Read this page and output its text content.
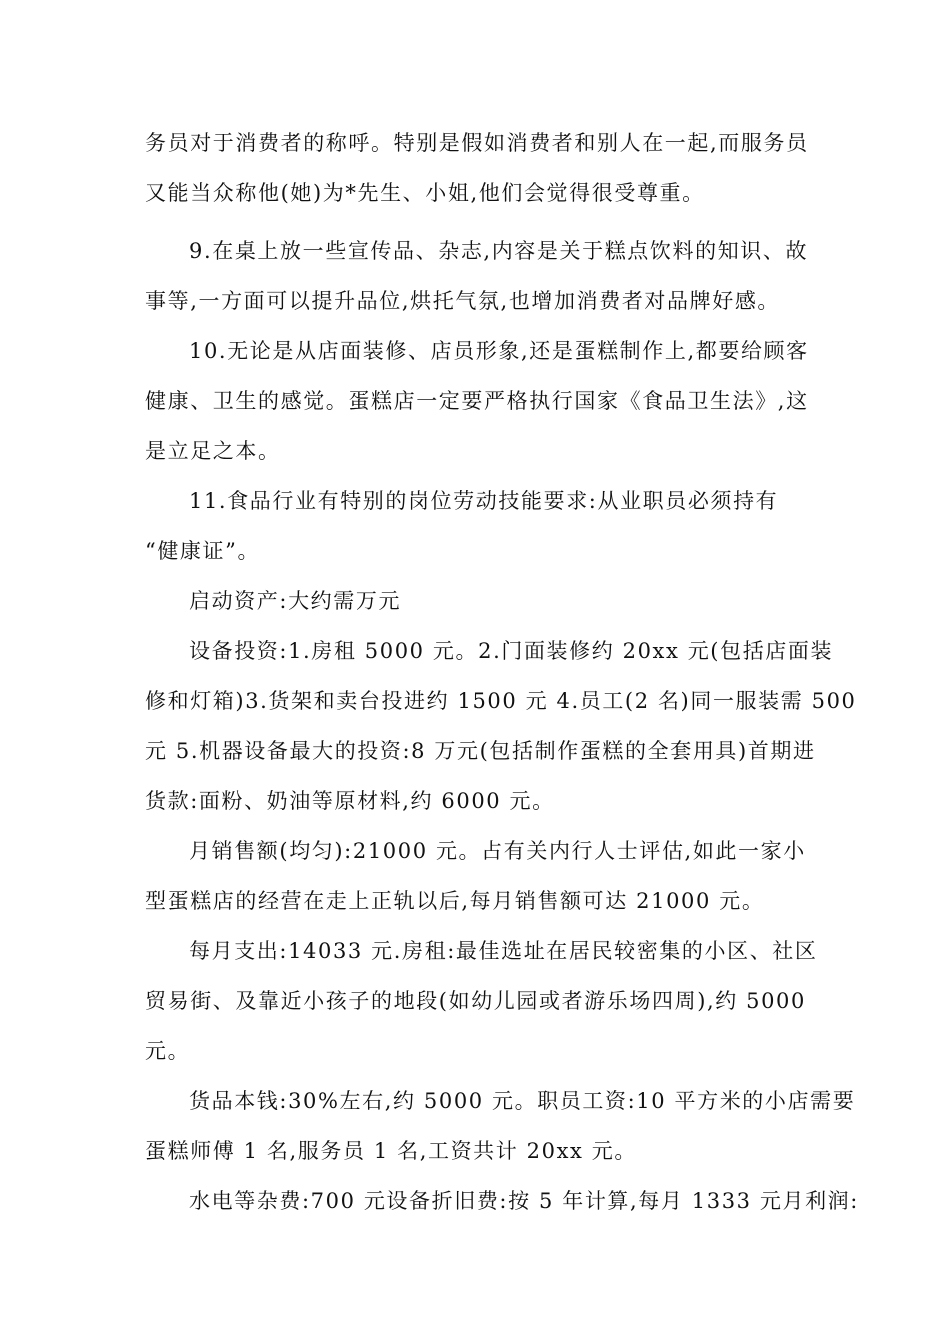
务员对于消费者的称呼。特别是假如消费者和别人在一起,而服务员
又能当众称他(她)为*先生、小姐,他们会觉得很受尊重。
9.在桌上放一些宣传品、杂志,内容是关于糕点饮料的知识、故
事等,一方面可以提升品位,烘托气氛,也增加消费者对品牌好感。
10.无论是从店面装修、店员形象,还是蛋糕制作上,都要给顾客
健康、卫生的感觉。蛋糕店一定要严格执行国家《食品卫生法》,这
是立足之本。
11.食品行业有特别的岗位劳动技能要求:从业职员必须持有
“健康证”。
启动资产:大约需万元
设备投资:1.房租 5000 元。2.门面装修约 20xx 元(包括店面装
修和灯箱)3.货架和卖台投进约 1500 元 4.员工(2 名)同一服装需 500
元 5.机器设备最大的投资:8 万元(包括制作蛋糕的全套用具)首期进
货款:面粉、奶油等原材料,约 6000 元。
月销售额(均匀):21000 元。占有关内行人士评估,如此一家小
型蛋糕店的经营在走上正轨以后,每月销售额可达 21000 元。
每月支出:14033 元.房租:最佳选址在居民较密集的小区、社区
贸易街、及靠近小孩子的地段(如幼儿园或者游乐场四周),约 5000
元。
货品本钱:30%左右,约 5000 元。职员工资:10 平方米的小店需要
蛋糕师傅 1 名,服务员 1 名,工资共计 20xx 元。
水电等杂费:700 元设备折旧费:按 5 年计算,每月 1333 元月利润:
